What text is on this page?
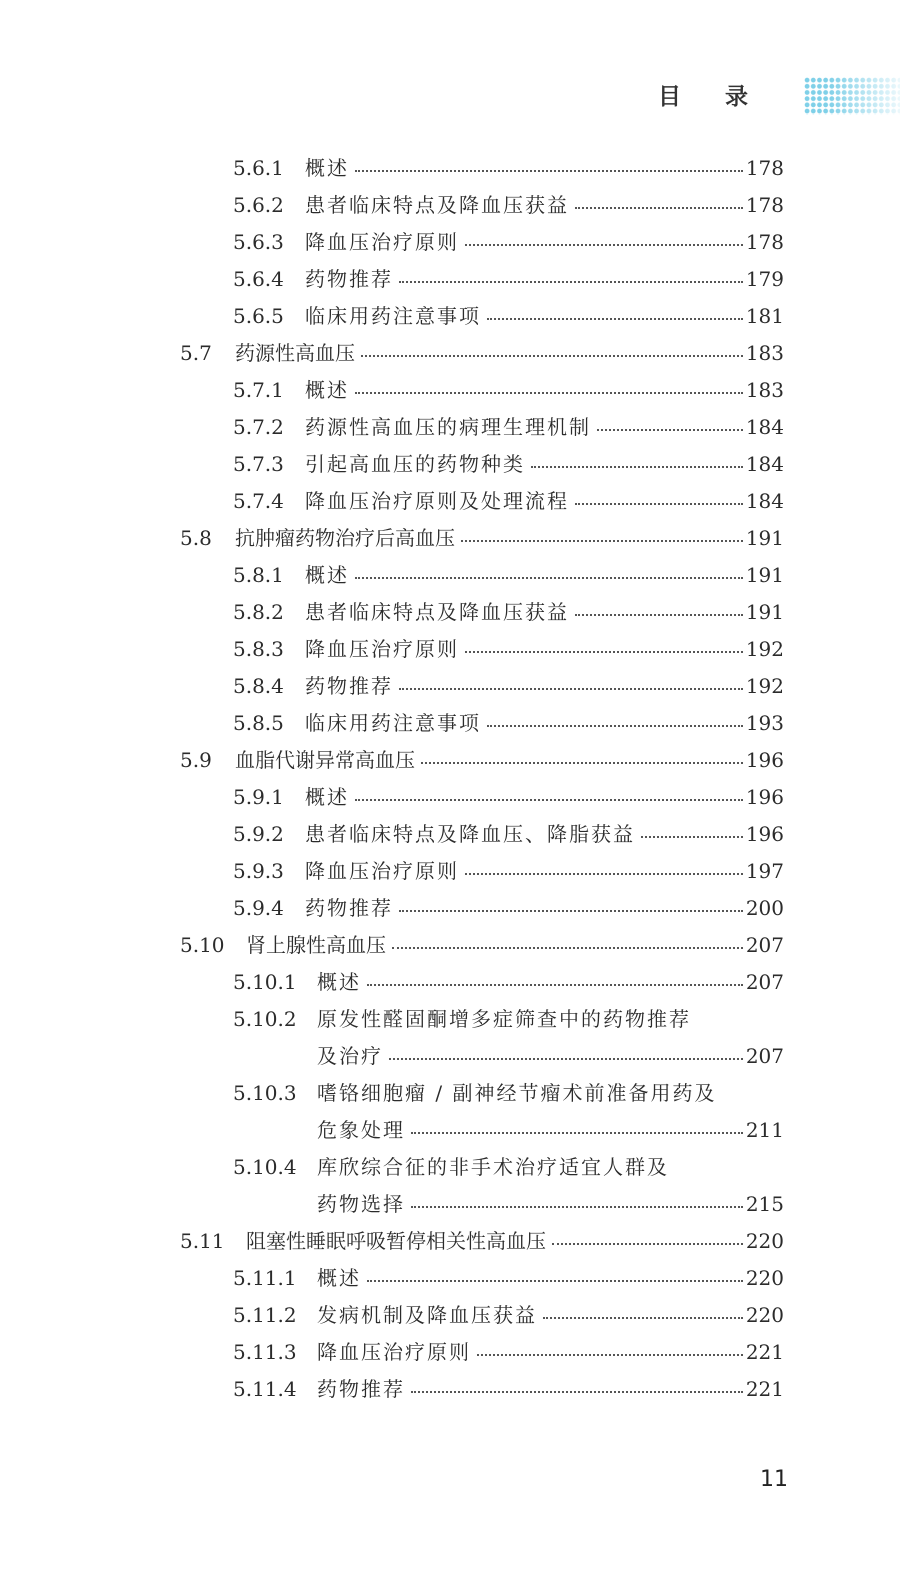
目录
5.6.1	概述	178
5.6.2	患者临床特点及降血压获益	178
5.6.3	降血压治疗原则	178
5.6.4	药物推荐	179
5.6.5	临床用药注意事项	181
5.7	药源性高血压	183
5.7.1	概述	183
5.7.2	药源性高血压的病理生理机制	184
5.7.3	引起高血压的药物种类	184
5.7.4	降血压治疗原则及处理流程	184
5.8	抗肿瘤药物治疗后高血压	191
5.8.1	概述	191
5.8.2	患者临床特点及降血压获益	191
5.8.3	降血压治疗原则	192
5.8.4	药物推荐	192
5.8.5	临床用药注意事项	193
5.9	血脂代谢异常高血压	196
5.9.1	概述	196
5.9.2	患者临床特点及降血压、降脂获益	196
5.9.3	降血压治疗原则	197
5.9.4	药物推荐	200
5.10	肾上腺性高血压	207
5.10.1	概述	207
5.10.2	原发性醛固酮增多症筛查中的药物推荐
及治疗	207
5.10.3	嗜铬细胞瘤 / 副神经节瘤术前准备用药及
危象处理	211
5.10.4	库欣综合征的非手术治疗适宜人群及
药物选择	215
5.11	阻塞性睡眠呼吸暂停相关性高血压	220
5.11.1	概述	220
5.11.2	发病机制及降血压获益	220
5.11.3	降血压治疗原则	221
5.11.4	药物推荐	221
11
